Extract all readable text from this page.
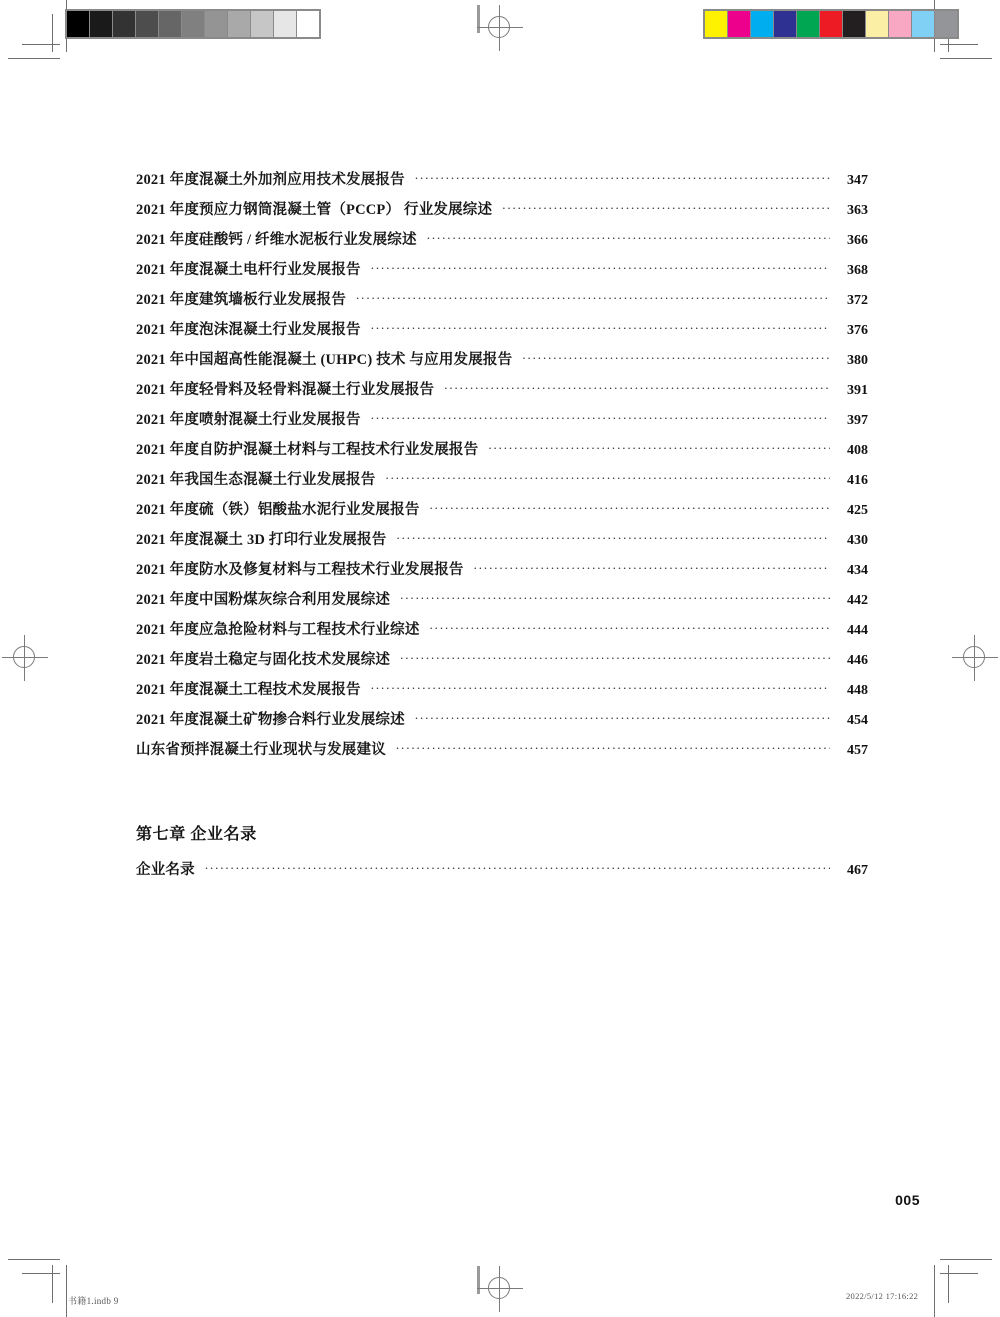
2021 年度混凝土外加剂应用技术发展报告 .....	347
2021 年度预应力钢筒混凝土管（PCCP） 行业发展综述 .....	363
2021 年度硅酸钙 / 纤维水泥板行业发展综述 .....	366
2021 年度混凝土电杆行业发展报告 .....	368
2021 年度建筑墙板行业发展报告 .....	372
2021 年度泡沫混凝土行业发展报告 .....	376
2021 年中国超高性能混凝土 (UHPC) 技术 与应用发展报告 .....	380
2021 年度轻骨料及轻骨料混凝土行业发展报告 .....	391
2021 年度喷射混凝土行业发展报告 .....	397
2021 年度自防护混凝土材料与工程技术行业发展报告 .....	408
2021 年我国生态混凝土行业发展报告 .....	416
2021 年度硫（铁）铝酸盐水泥行业发展报告 .....	425
2021 年度混凝土 3D 打印行业发展报告 .....	430
2021 年度防水及修复材料与工程技术行业发展报告 .....	434
2021 年度中国粉煤灰综合利用发展综述 .....	442
2021 年度应急抢险材料与工程技术行业综述 .....	444
2021 年度岩土稳定与固化技术发展综述 .....	446
2021 年度混凝土工程技术发展报告 .....	448
2021 年度混凝土矿物掺合料行业发展综述 .....	454
山东省预拌混凝土行业现状与发展建议 .....	457
第七章 企业名录
企业名录 .....	467
005
书籍1.indb 9	2022/5/12 17:16:22
